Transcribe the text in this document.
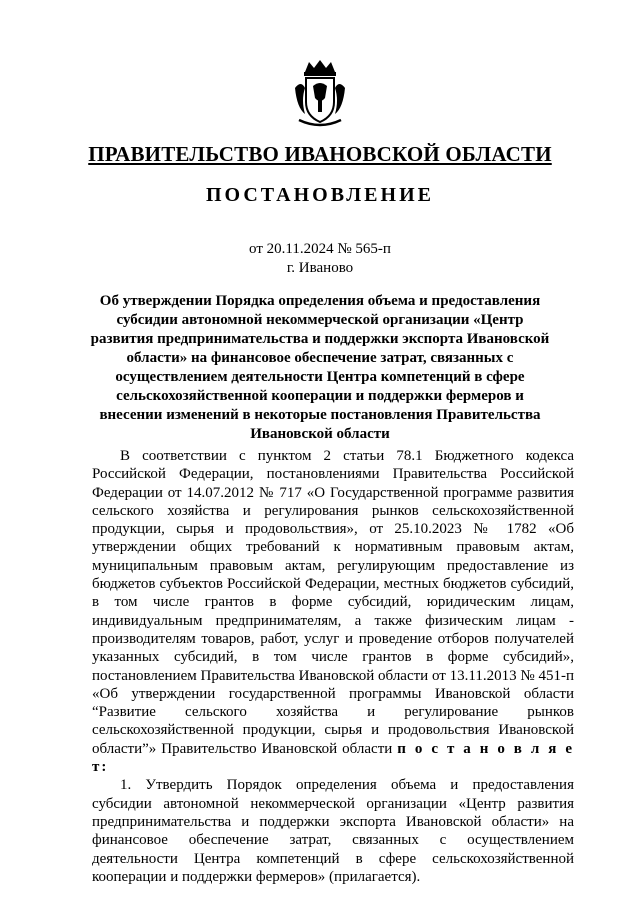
ПРАВИТЕЛЬСТВО ИВАНОВСКОЙ ОБЛАСТИ
ПОСТАНОВЛЕНИЕ
от 20.11.2024 № 565-п
г. Иваново
Об утверждении Порядка определения объема и предоставления субсидии автономной некоммерческой организации «Центр развития предпринимательства и поддержки экспорта Ивановской области» на финансовое обеспечение затрат, связанных с осуществлением деятельности Центра компетенций в сфере сельскохозяйственной кооперации и поддержки фермеров и внесении изменений в некоторые постановления Правительства Ивановской области

В соответствии с пунктом 2 статьи 78.1 Бюджетного кодекса Российской Федерации, постановлениями Правительства Российской Федерации от 14.07.2012 № 717 «О Государственной программе развития сельского хозяйства и регулирования рынков сельскохозяйственной продукции, сырья и продовольствия», от 25.10.2023 № 1782 «Об утверждении общих требований к нормативным правовым актам, муниципальным правовым актам, регулирующим предоставление из бюджетов субъектов Российской Федерации, местных бюджетов субсидий, в том числе грантов в форме субсидий, юридическим лицам, индивидуальным предпринимателям, а также физическим лицам - производителям товаров, работ, услуг и проведение отборов получателей указанных субсидий, в том числе грантов в форме субсидий», постановлением Правительства Ивановской области от 13.11.2013 № 451-п «Об утверждении государственной программы Ивановской области “Развитие сельского хозяйства и регулирование рынков сельскохозяйственной продукции, сырья и продовольствия Ивановской области”» Правительство Ивановской области п о с т а н о в л я е т:

1. Утвердить Порядок определения объема и предоставления субсидии автономной некоммерческой организации «Центр развития предпринимательства и поддержки экспорта Ивановской области» на финансовое обеспечение затрат, связанных с осуществлением деятельности Центра компетенций в сфере сельскохозяйственной кооперации и поддержки фермеров» (прилагается).
